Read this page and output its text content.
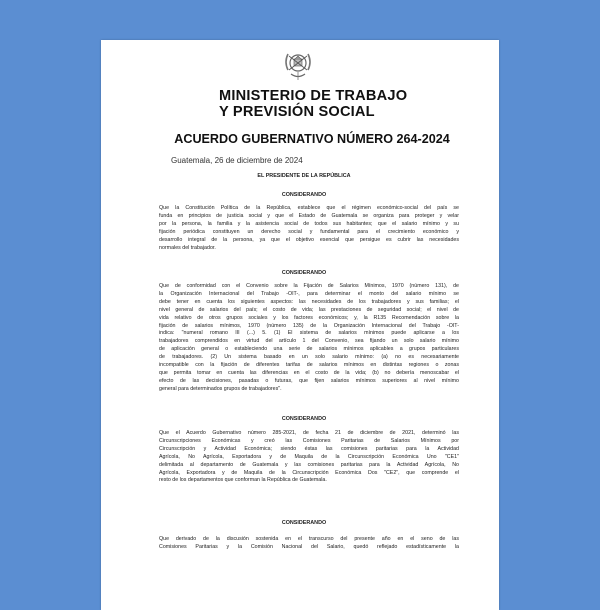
MINISTERIO DE TRABAJO
Y PREVISIÓN SOCIAL
ACUERDO GUBERNATIVO NÚMERO 264-2024
Guatemala, 26 de diciembre de 2024
EL PRESIDENTE DE LA REPÚBLICA
CONSIDERANDO
Que la Constitución Política de la República, establece que el régimen económico-social del país se
funda en principios de justicia social y que el Estado de Guatemala se organiza para proteger y velar
por la persona, la familia y la asistencia social de todos sus habitantes; que el salario mínimo y su
fijación periódica constituyen un derecho social y fundamental para el crecimiento económico y
desarrollo integral de la persona, ya que el objetivo esencial que persigue es cubrir las necesidades
normales del trabajador.
CONSIDERANDO
Que de conformidad con el Convenio sobre la Fijación de Salarios Mínimos, 1970 (número 131), de
la Organización Internacional del Trabajo -OIT-, para determinar el monto del salario mínimo se
debe tener en cuenta los siguientes aspectos: las necesidades de los trabajadores y sus familias; el
nivel general de salarios del país; el costo de vida; las prestaciones de seguridad social; el nivel de
vida relativo de otros grupos sociales y los factores económicos; y, la R135 Recomendación sobre la
fijación de salarios mínimos, 1970 (número 135) de la Organización Internacional del Trabajo -OIT-
indica: "numeral romano III (...) 5. (1) El sistema de salarios mínimos puede aplicarse a los
trabajadores comprendidos en virtud del artículo 1 del Convenio, sea fijando un solo salario mínimo
de aplicación general o estableciendo una serie de salarios mínimos aplicables a grupos particulares
de trabajadores. (2) Un sistema basado en un solo salario mínimo: (a) no es necesariamente
incompatible con la fijación de diferentes tarifas de salarios mínimos en distintas regiones o zonas
que permita tomar en cuenta las diferencias en el costo de la vida; (b) no debería menoscabar el
efecto de las decisiones, pasadas o futuras, que fijen salarios mínimos superiores al nivel mínimo
general para determinados grupos de trabajadores".
CONSIDERANDO
Que el Acuerdo Gubernativo número 285-2021, de fecha 21 de diciembre de 2021, determinó las
Circunscripciones Económicas y creó las Comisiones Paritarias de Salarios Mínimos por
Circunscripción y Actividad Económica; siendo éstas las comisiones paritarias para la Actividad
Agrícola, No Agrícola, Exportadora y de Maquila de la Circunscripción Económica Uno "CE1"
delimitada al departamento de Guatemala y las comisiones paritarias para la Actividad Agrícola, No
Agrícola, Exportadora y de Maquila de la Circunscripción Económica Dos "CE2", que comprende el
resto de los departamentos que conforman la República de Guatemala.
CONSIDERANDO
Que derivado de la discusión sostenida en el transcurso del presente año en el seno de las
Comisiones Paritarias y la Comisión Nacional del Salario, quedó reflejado estadísticamente la
